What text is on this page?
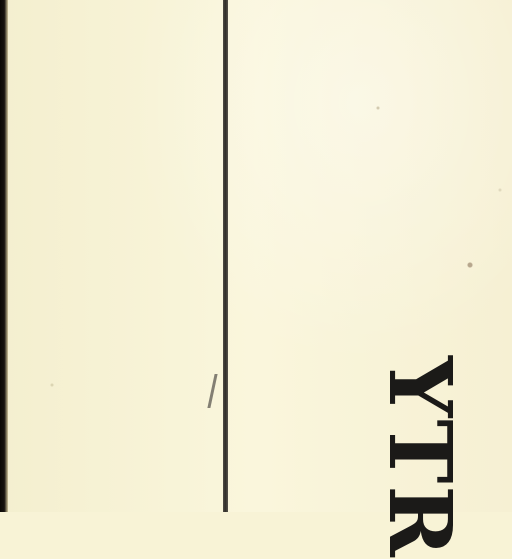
YTR
